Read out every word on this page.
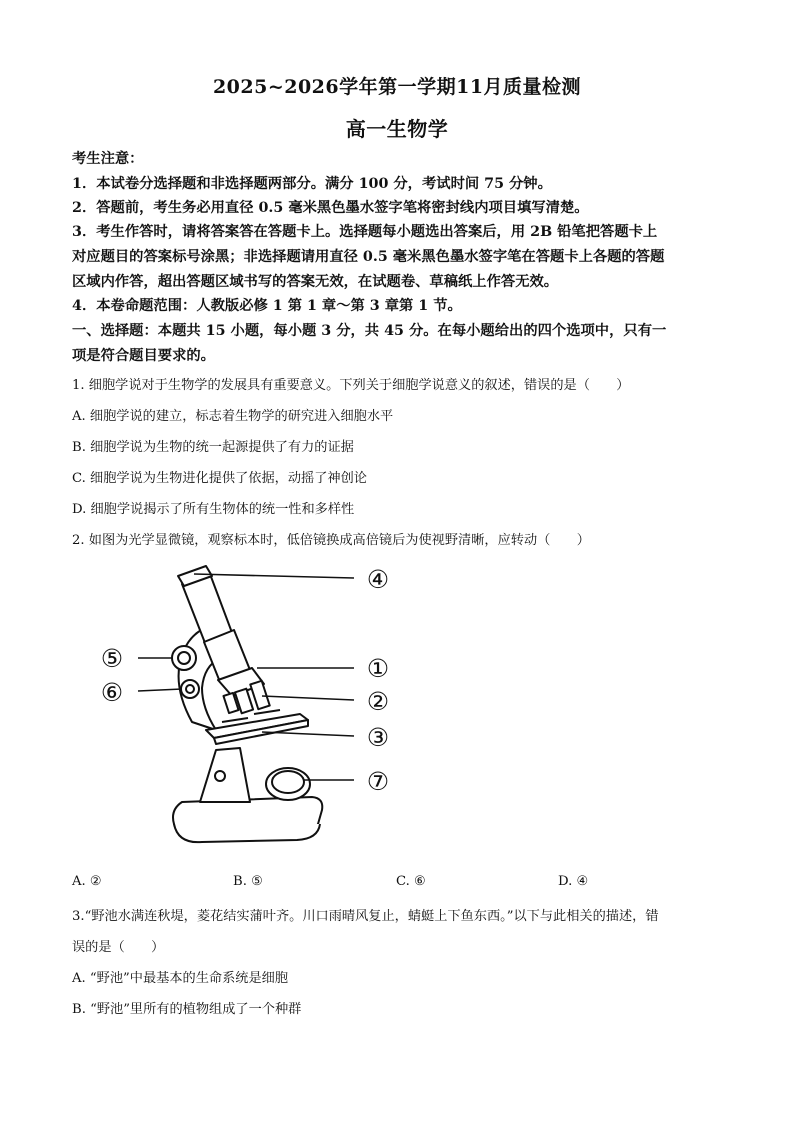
2025~2026学年第一学期11月质量检测
高一生物学
考生注意：
1．本试卷分选择题和非选择题两部分。满分 100 分，考试时间 75 分钟。
2．答题前，考生务必用直径 0.5 毫米黑色墨水签字笔将密封线内项目填写清楚。
3．考生作答时，请将答案答在答题卡上。选择题每小题选出答案后，用 2B 铅笔把答题卡上
对应题目的答案标号涂黑；非选择题请用直径 0.5 毫米黑色墨水签字笔在答题卡上各题的答题
区域内作答，超出答题区域书写的答案无效，在试题卷、草稿纸上作答无效。
4．本卷命题范围：人教版必修 1 第 1 章～第 3 章第 1 节。
一、选择题：本题共 15 小题，每小题 3 分，共 45 分。在每小题给出的四个选项中，只有一
项是符合题目要求的。
1. 细胞学说对于生物学的发展具有重要意义。下列关于细胞学说意义的叙述，错误的是（　　）
A. 细胞学说的建立，标志着生物学的研究进入细胞水平
B. 细胞学说为生物的统一起源提供了有力的证据
C. 细胞学说为生物进化提供了依据，动摇了神创论
D. 细胞学说揭示了所有生物体的统一性和多样性
2. 如图为光学显微镜，观察标本时，低倍镜换成高倍镜后为使视野清晰，应转动（　　）
④
⑤
⑥
①
②
③
⑦
A. ②	B. ⑤	C. ⑥	D. ④
3.“野池水满连秋堤，菱花结实蒲叶齐。川口雨晴风复止，蜻蜓上下鱼东西。”以下与此相关的描述，错
误的是（　　）
A. “野池”中最基本的生命系统是细胞
B. “野池”里所有的植物组成了一个种群
